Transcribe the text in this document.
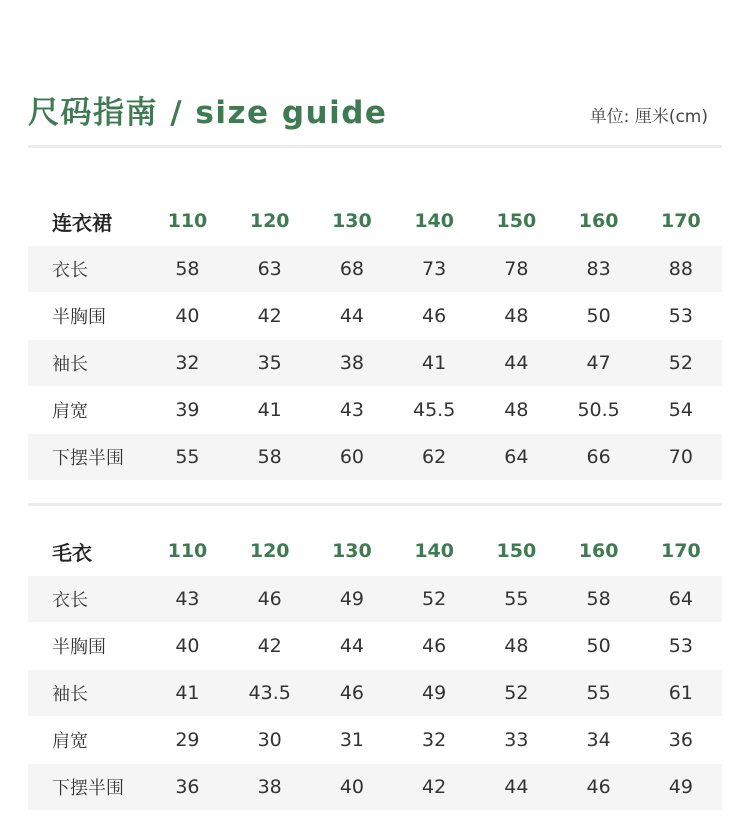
尺码指南 / size guide	单位: 厘米(cm)
连衣裙	110	120	130	140	150	160	170
衣长	58	63	68	73	78	83	88
半胸围	40	42	44	46	48	50	53
袖长	32	35	38	41	44	47	52
肩宽	39	41	43	45.5	48	50.5	54
下摆半围	55	58	60	62	64	66	70
毛衣	110	120	130	140	150	160	170
衣长	43	46	49	52	55	58	64
半胸围	40	42	44	46	48	50	53
袖长	41	43.5	46	49	52	55	61
肩宽	29	30	31	32	33	34	36
下摆半围	36	38	40	42	44	46	49
